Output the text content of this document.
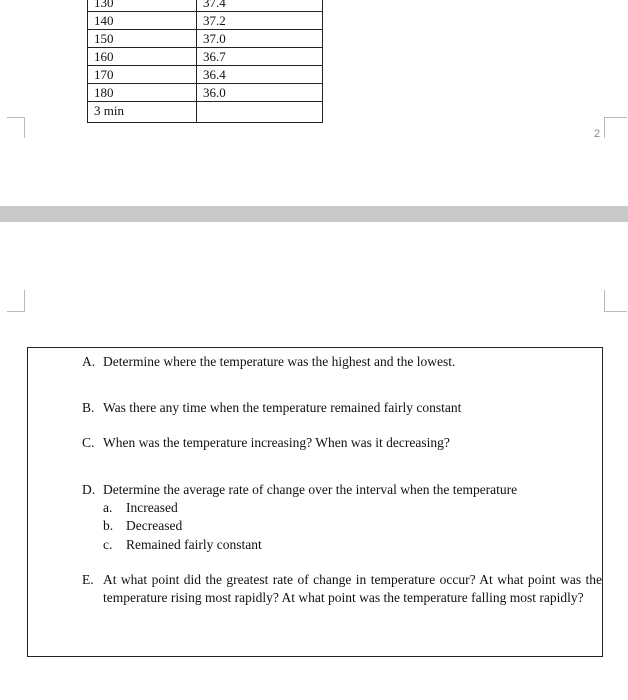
130	37.4
140	37.2
150	37.0
160	36.7
170	36.4
180	36.0
3 min	
2
A. Determine where the temperature was the highest and the lowest.
B. Was there any time when the temperature remained fairly constant
C. When was the temperature increasing? When was it decreasing?
D. Determine the average rate of change over the interval when the temperature
a. Increased
b. Decreased
c. Remained fairly constant
E. At what point did the greatest rate of change in temperature occur? At what point was the temperature rising most rapidly? At what point was the temperature falling most rapidly?
